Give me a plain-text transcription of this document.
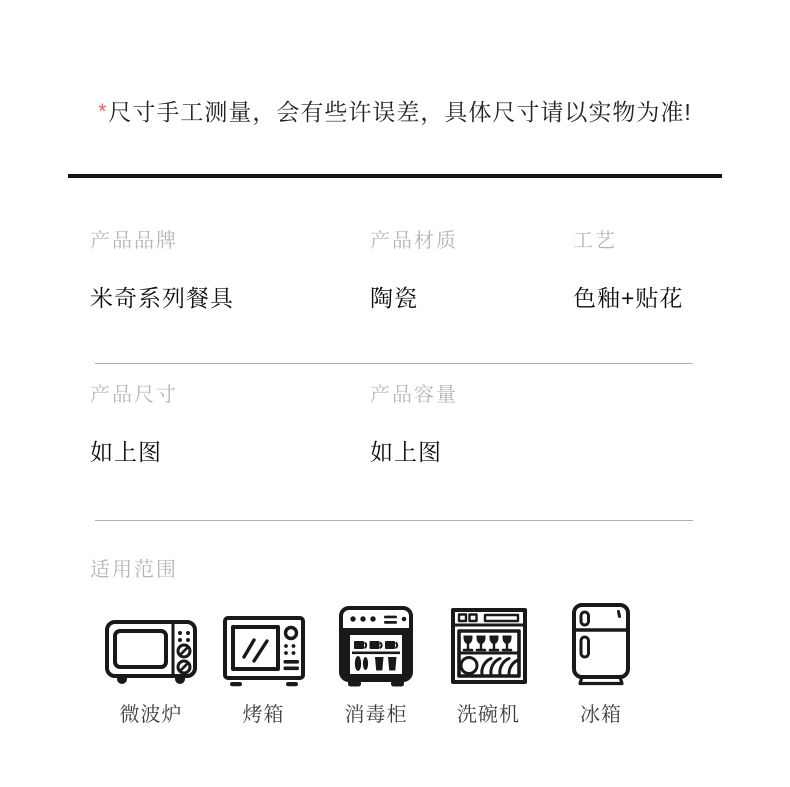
*尺寸手工测量，会有些许误差，具体尺寸请以实物为准!
产品品牌
米奇系列餐具
产品材质
陶瓷
工艺
色釉+贴花
产品尺寸
如上图
产品容量
如上图
适用范围
微波炉	烤箱	消毒柜 洗碗机	冰箱
